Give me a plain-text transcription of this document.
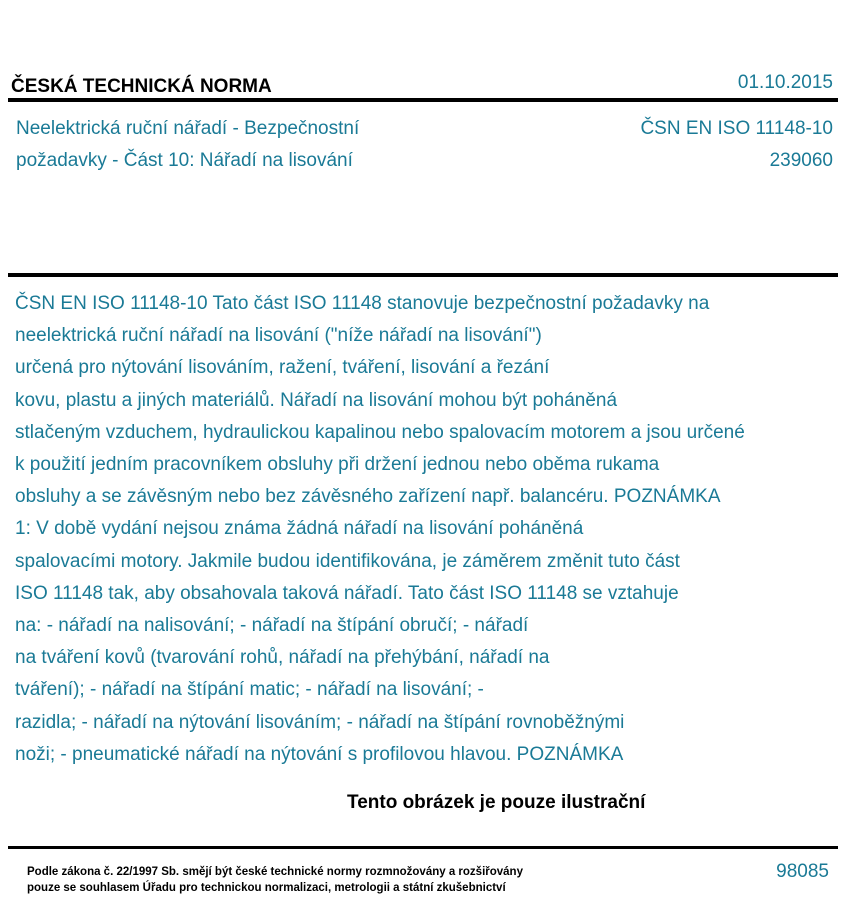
ČESKÁ TECHNICKÁ NORMA	01.10.2015
Neelektrická ruční nářadí - Bezpečnostní
požadavky - Část 10: Nářadí na lisování
ČSN EN ISO 11148-10
239060
ČSN EN ISO 11148-10 Tato část ISO 11148 stanovuje bezpečnostní požadavky na
neelektrická ruční nářadí na lisování ("níže nářadí na lisování")
určená pro nýtování lisováním, ražení, tváření, lisování a řezání
kovu, plastu a jiných materiálů. Nářadí na lisování mohou být poháněná
stlačeným vzduchem, hydraulickou kapalinou nebo spalovacím motorem a jsou určené
k použití jedním pracovníkem obsluhy při držení jednou nebo oběma rukama
obsluhy a se závěsným nebo bez závěsného zařízení např. balancéru. POZNÁMKA
1: V době vydání nejsou známa žádná nářadí na lisování poháněná
spalovacími motory. Jakmile budou identifikována, je záměrem změnit tuto část
ISO 11148 tak, aby obsahovala taková nářadí. Tato část ISO 11148 se vztahuje
na: - nářadí na nalisování; - nářadí na štípání obručí; - nářadí
na tváření kovů (tvarování rohů, nářadí na přehýbání, nářadí na
tváření); - nářadí na štípání matic; - nářadí na lisování; -
razidla; - nářadí na nýtování lisováním; - nářadí na štípání rovnoběžnými
noži; - pneumatické nářadí na nýtování s profilovou hlavou. POZNÁMKA
Tento obrázek je pouze ilustrační
Podle zákona č. 22/1997 Sb. smějí být české technické normy rozmnožovány a rozšiřovány
pouze se souhlasem Úřadu pro technickou normalizaci, metrologii a státní zkušebnictví
98085
